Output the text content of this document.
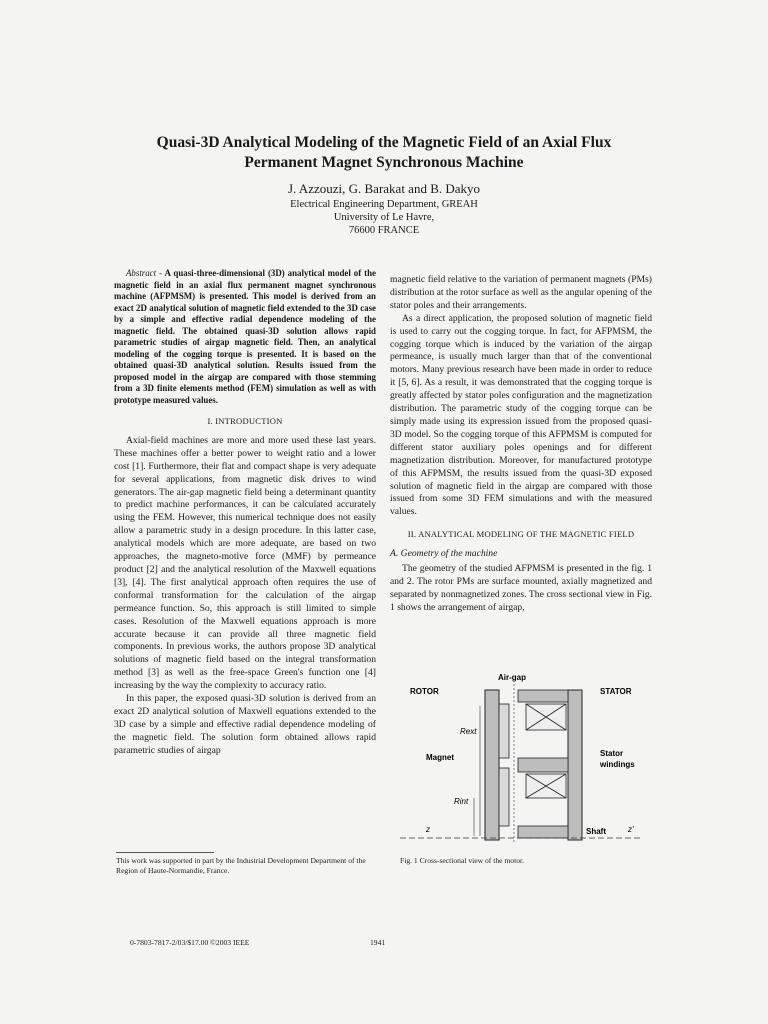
Quasi-3D Analytical Modeling of the Magnetic Field of an Axial Flux
Permanent Magnet Synchronous Machine
J. Azzouzi, G. Barakat and B. Dakyo
Electrical Engineering Department, GREAH
University of Le Havre,
76600 FRANCE

Abstract - A quasi-three-dimensional (3D) analytical model of the magnetic field in an axial flux permanent magnet synchronous machine (AFPMSM) is presented. This model is derived from an exact 2D analytical solution of magnetic field extended to the 3D case by a simple and effective radial dependence modeling of the magnetic field. The obtained quasi-3D solution allows rapid parametric studies of airgap magnetic field. Then, an analytical modeling of the cogging torque is presented. It is based on the obtained quasi-3D analytical solution. Results issued from the proposed model in the airgap are compared with those stemming from a 3D finite elements method (FEM) simulation as well as with prototype measured values.

I. INTRODUCTION

Axial-field machines are more and more used these last years. These machines offer a better power to weight ratio and a lower cost [1]. Furthermore, their flat and compact shape is very adequate for several applications, from magnetic disk drives to wind generators. The air-gap magnetic field being a determinant quantity to predict machine performances, it can be calculated accurately using the FEM. However, this numerical technique does not easily allow a parametric study in a design procedure. In this latter case, analytical models which are more adequate, are based on two approaches, the magneto-motive force (MMF) by permeance product [2] and the analytical resolution of the Maxwell equations [3], [4]. The first analytical approach often requires the use of conformal transformation for the calculation of the airgap permeance function. So, this approach is still limited to simple cases. Resolution of the Maxwell equations approach is more accurate because it can provide all three magnetic field components. In previous works, the authors propose 3D analytical solutions of magnetic field based on the integral transformation method [3] as well as the free-space Green's function one [4] increasing by the way the complexity to accuracy ratio.

In this paper, the exposed quasi-3D solution is derived from an exact 2D analytical solution of Maxwell equations extended to the 3D case by a simple and effective radial dependence modeling of the magnetic field. The solution form obtained allows rapid parametric studies of airgap

magnetic field relative to the variation of permanent magnets (PMs) distribution at the rotor surface as well as the angular opening of the stator poles and their arrangements.

As a direct application, the proposed solution of magnetic field is used to carry out the cogging torque. In fact, for AFPMSM, the cogging torque which is induced by the variation of the airgap permeance, is usually much larger than that of the conventional motors. Many previous research have been made in order to reduce it [5, 6]. As a result, it was demonstrated that the cogging torque is greatly affected by stator poles configuration and the magnetization distribution. The parametric study of the cogging torque can be simply made using its expression issued from the proposed quasi-3D model. So the cogging torque of this AFPMSM is computed for different stator auxiliary poles openings and for different magnetization distribution. Moreover, for manufactured prototype of this AFPMSM, the results issued from the quasi-3D exposed solution of magnetic field in the airgap are compared with those issued from some 3D FEM simulations and with the measured values.

II. ANALYTICAL MODELING OF THE MAGNETIC FIELD

A. Geometry of the machine

The geometry of the studied AFPMSM is presented in the fig. 1 and 2. The rotor PMs are surface mounted, axially magnetized and separated by nonmagnetized zones. The cross sectional view in Fig. 1 shows the arrangement of airgap,

ROTOR
Air-gap
STATOR
Rext
Magnet	Stator
windings
Rint
z	Shaft	z'
Fig. 1 Cross-sectional view of the motor.
This work was supported in part by the Industrial Development Department of the Region of Haute-Normandie, France.
0-7803-7817-2/03/$17.00 ©2003 IEEE	1941
